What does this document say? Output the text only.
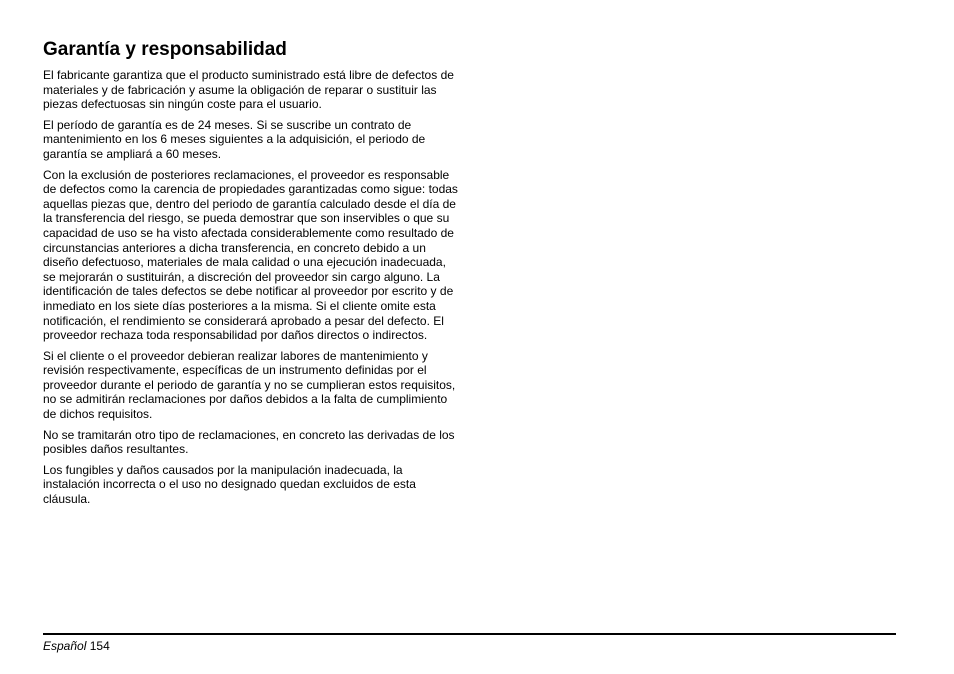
Garantía y responsabilidad

El fabricante garantiza que el producto suministrado está libre de defectos de materiales y de fabricación y asume la obligación de reparar o sustituir las piezas defectuosas sin ningún coste para el usuario.

El período de garantía es de 24 meses. Si se suscribe un contrato de mantenimiento en los 6 meses siguientes a la adquisición, el periodo de garantía se ampliará a 60 meses.

Con la exclusión de posteriores reclamaciones, el proveedor es responsable de defectos como la carencia de propiedades garantizadas como sigue: todas aquellas piezas que, dentro del periodo de garantía calculado desde el día de la transferencia del riesgo, se pueda demostrar que son inservibles o que su capacidad de uso se ha visto afectada considerablemente como resultado de circunstancias anteriores a dicha transferencia, en concreto debido a un diseño defectuoso, materiales de mala calidad o una ejecución inadecuada, se mejorarán o sustituirán, a discreción del proveedor sin cargo alguno. La identificación de tales defectos se debe notificar al proveedor por escrito y de inmediato en los siete días posteriores a la misma. Si el cliente omite esta notificación, el rendimiento se considerará aprobado a pesar del defecto. El proveedor rechaza toda responsabilidad por daños directos o indirectos.

Si el cliente o el proveedor debieran realizar labores de mantenimiento y revisión respectivamente, específicas de un instrumento definidas por el proveedor durante el periodo de garantía y no se cumplieran estos requisitos, no se admitirán reclamaciones por daños debidos a la falta de cumplimiento de dichos requisitos.

No se tramitarán otro tipo de reclamaciones, en concreto las derivadas de los posibles daños resultantes.

Los fungibles y daños causados por la manipulación inadecuada, la instalación incorrecta o el uso no designado quedan excluidos de esta cláusula.

Español 154
